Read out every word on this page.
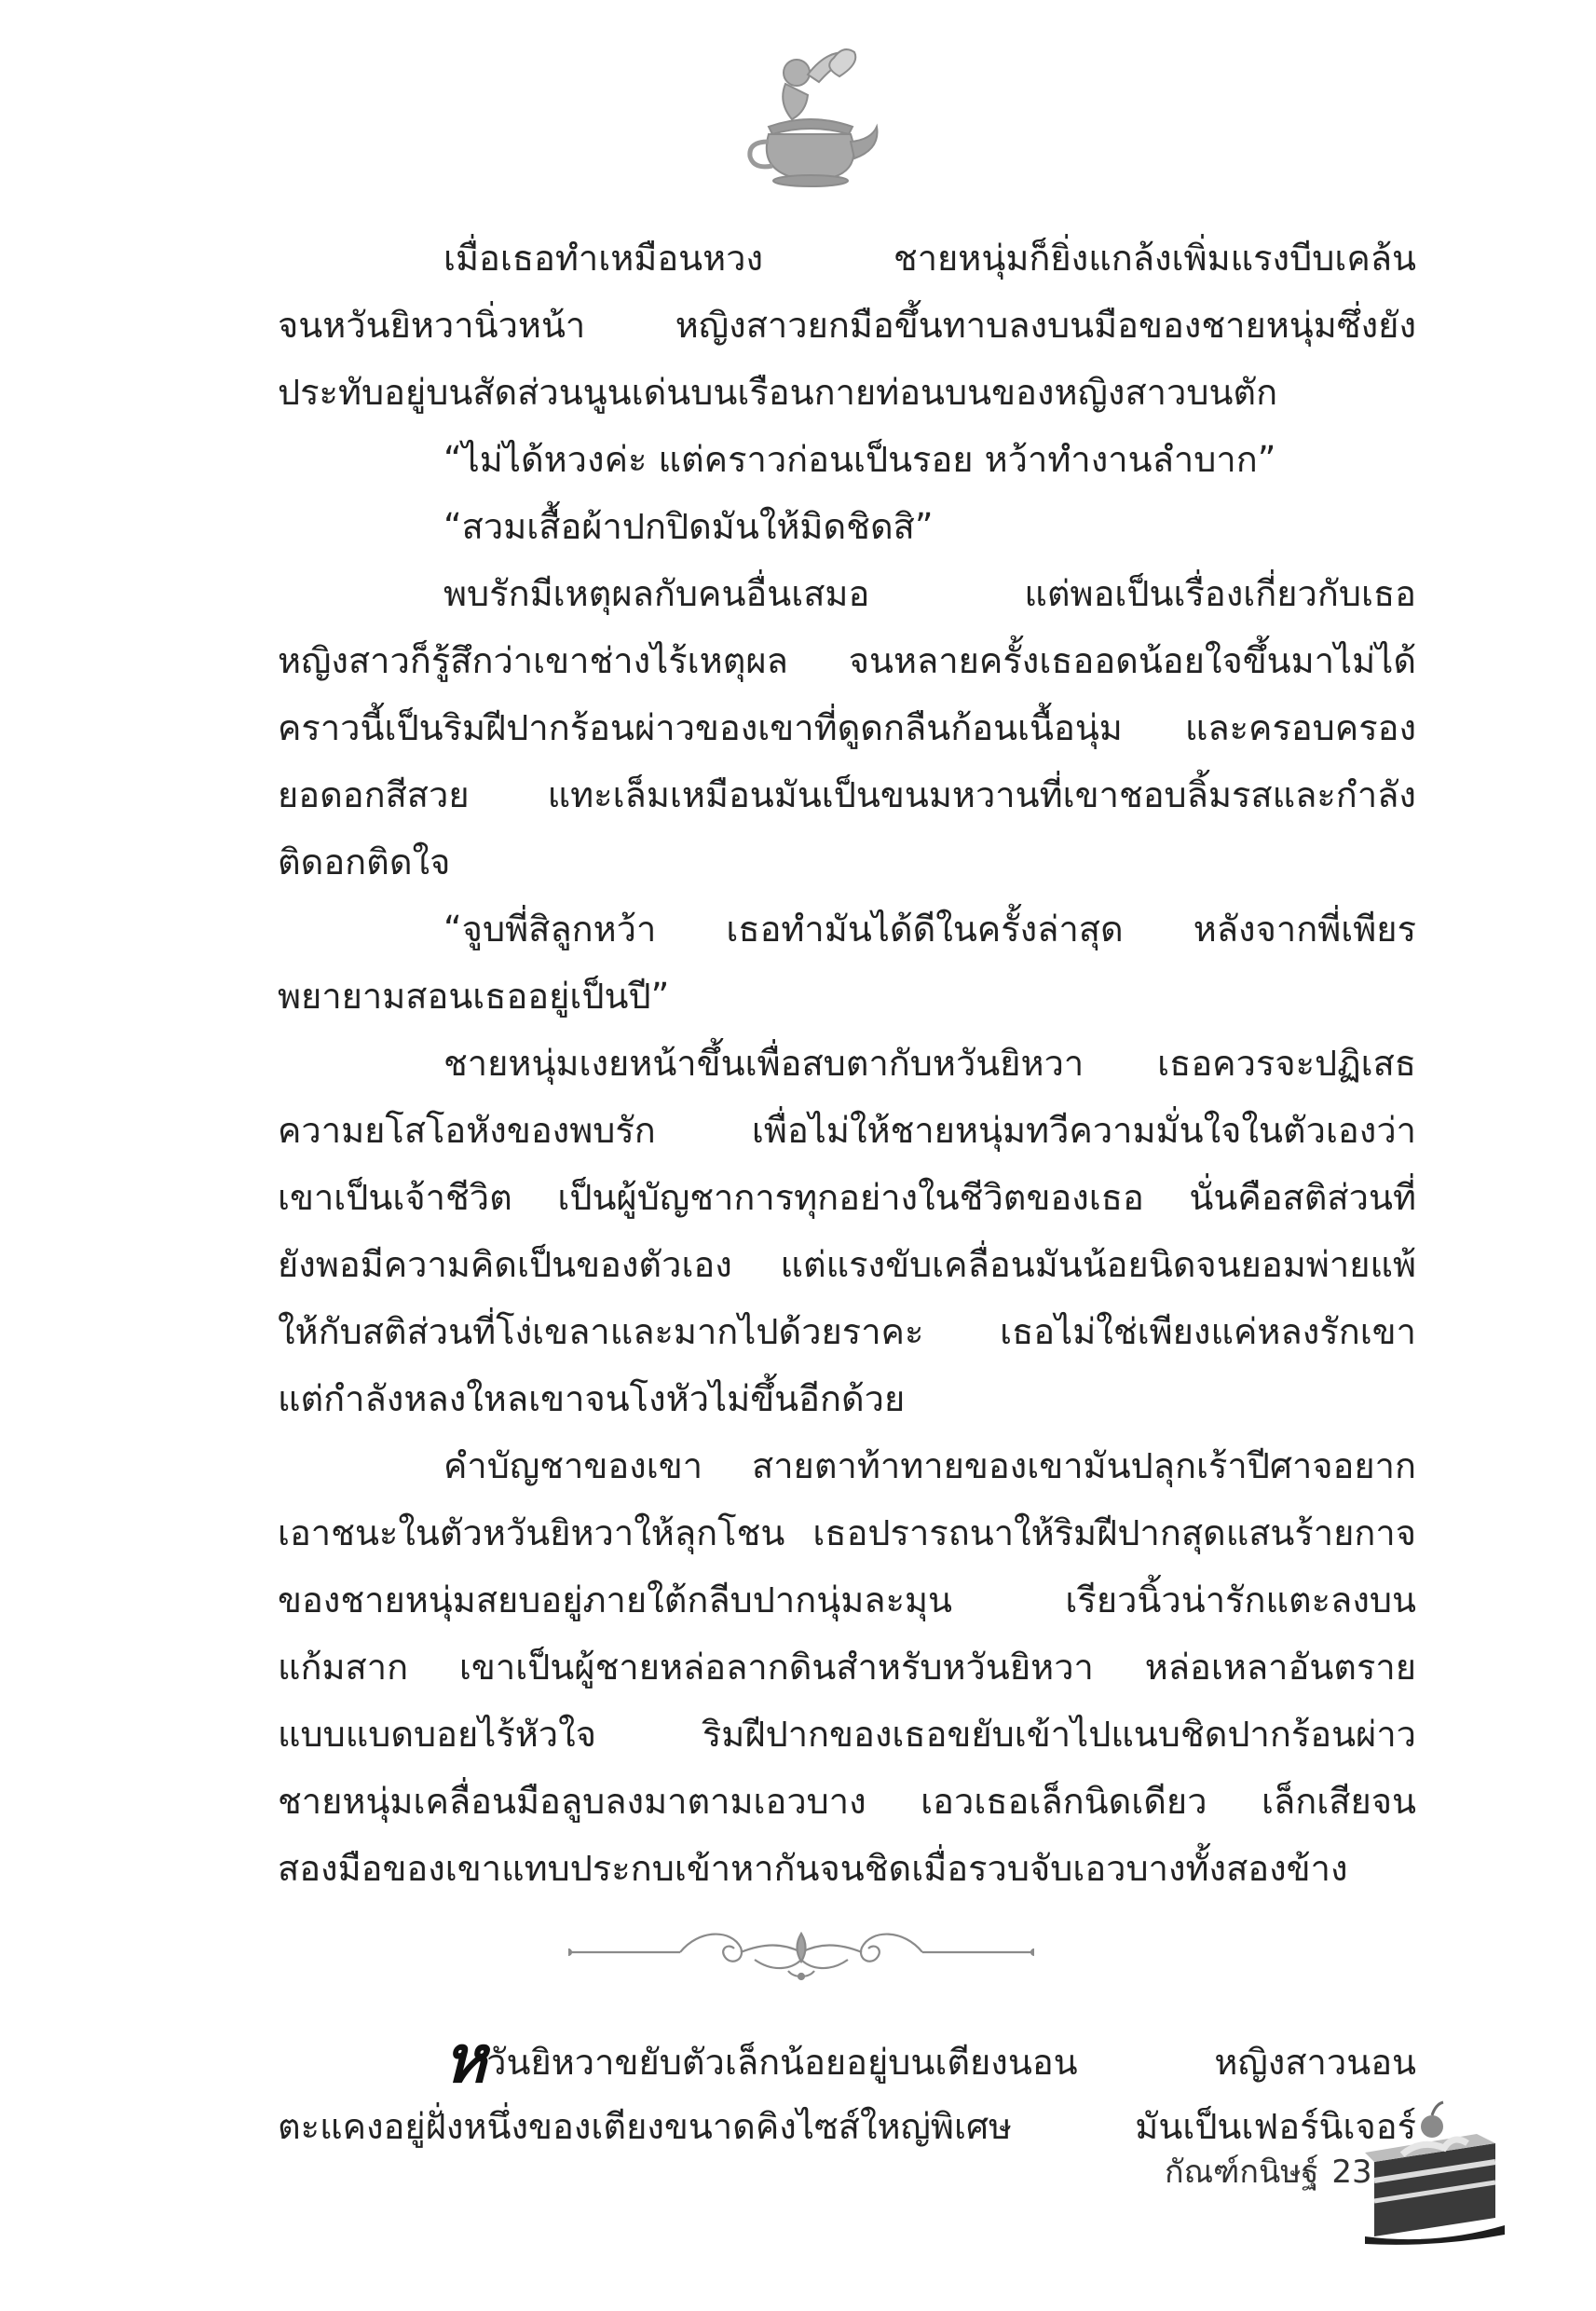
เมื่อเธอทำเหมือนหวง ชายหนุ่มก็ยิ่งแกล้งเพิ่มแรงบีบเคล้น
จนหวันยิหวานิ่วหน้า หญิงสาวยกมือขึ้นทาบลงบนมือของชายหนุ่มซึ่งยัง
ประทับอยู่บนสัดส่วนนูนเด่นบนเรือนกายท่อนบนของหญิงสาวบนตัก
“ไม่ได้หวงค่ะ แต่คราวก่อนเป็นรอย หว้าทำงานลำบาก”
“สวมเสื้อผ้าปกปิดมันให้มิดชิดสิ”
พบรักมีเหตุผลกับคนอื่นเสมอ แต่พอเป็นเรื่องเกี่ยวกับเธอ
หญิงสาวก็รู้สึกว่าเขาช่างไร้เหตุผล จนหลายครั้งเธออดน้อยใจขึ้นมาไม่ได้
คราวนี้เป็นริมฝีปากร้อนผ่าวของเขาที่ดูดกลืนก้อนเนื้อนุ่ม และครอบครอง
ยอดอกสีสวย แทะเล็มเหมือนมันเป็นขนมหวานที่เขาชอบลิ้มรสและกำลัง
ติดอกติดใจ
“จูบพี่สิลูกหว้า เธอทำมันได้ดีในครั้งล่าสุด หลังจากพี่เพียร
พยายามสอนเธออยู่เป็นปี”
ชายหนุ่มเงยหน้าขึ้นเพื่อสบตากับหวันยิหวา เธอควรจะปฏิเสธ
ความยโสโอหังของพบรัก เพื่อไม่ให้ชายหนุ่มทวีความมั่นใจในตัวเองว่า
เขาเป็นเจ้าชีวิต เป็นผู้บัญชาการทุกอย่างในชีวิตของเธอ นั่นคือสติส่วนที่
ยังพอมีความคิดเป็นของตัวเอง แต่แรงขับเคลื่อนมันน้อยนิดจนยอมพ่ายแพ้
ให้กับสติส่วนที่โง่เขลาและมากไปด้วยราคะ เธอไม่ใช่เพียงแค่หลงรักเขา
แต่กำลังหลงใหลเขาจนโงหัวไม่ขึ้นอีกด้วย
คำบัญชาของเขา สายตาท้าทายของเขามันปลุกเร้าปีศาจอยาก
เอาชนะในตัวหวันยิหวาให้ลุกโชน เธอปรารถนาให้ริมฝีปากสุดแสนร้ายกาจ
ของชายหนุ่มสยบอยู่ภายใต้กลีบปากนุ่มละมุน เรียวนิ้วน่ารักแตะลงบน
แก้มสาก เขาเป็นผู้ชายหล่อลากดินสำหรับหวันยิหวา หล่อเหลาอันตราย
แบบแบดบอยไร้หัวใจ ริมฝีปากของเธอขยับเข้าไปแนบชิดปากร้อนผ่าว
ชายหนุ่มเคลื่อนมือลูบลงมาตามเอวบาง เอวเธอเล็กนิดเดียว เล็กเสียจน
สองมือของเขาแทบประกบเข้าหากันจนชิดเมื่อรวบจับเอวบางทั้งสองข้าง
หวันยิหวาขยับตัวเล็กน้อยอยู่บนเตียงนอน หญิงสาวนอน
ตะแคงอยู่ฝั่งหนึ่งของเตียงขนาดคิงไซส์ใหญ่พิเศษ มันเป็นเฟอร์นิเจอร์
กัณฑ์กนิษฐ์ 23
